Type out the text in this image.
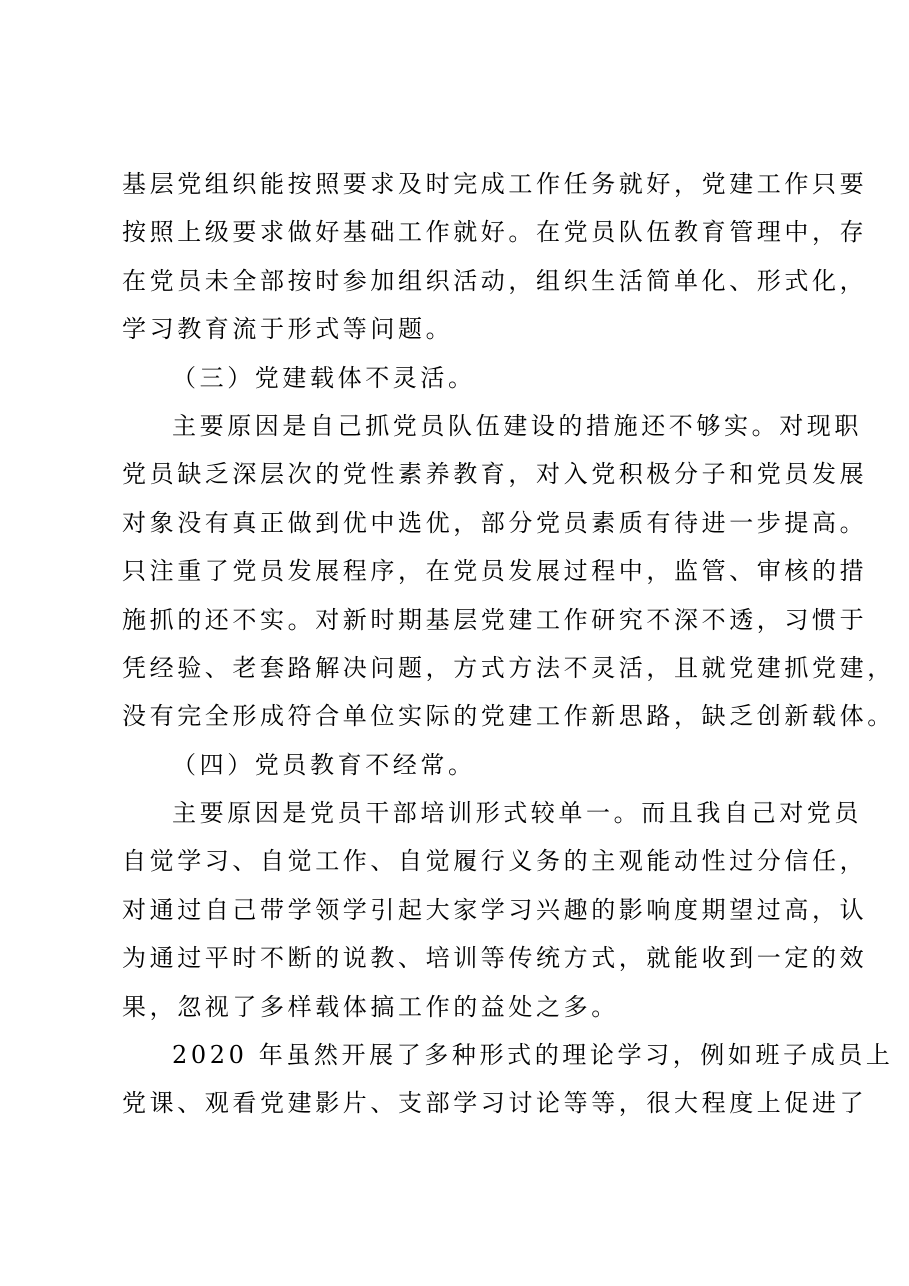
基层党组织能按照要求及时完成工作任务就好，党建工作只要
按照上级要求做好基础工作就好。在党员队伍教育管理中，存
在党员未全部按时参加组织活动，组织生活简单化、形式化，
学习教育流于形式等问题。
（三）党建载体不灵活。
主要原因是自己抓党员队伍建设的措施还不够实。对现职
党员缺乏深层次的党性素养教育，对入党积极分子和党员发展
对象没有真正做到优中选优，部分党员素质有待进一步提高。
只注重了党员发展程序，在党员发展过程中，监管、审核的措
施抓的还不实。对新时期基层党建工作研究不深不透，习惯于
凭经验、老套路解决问题，方式方法不灵活，且就党建抓党建，
没有完全形成符合单位实际的党建工作新思路，缺乏创新载体。
（四）党员教育不经常。
主要原因是党员干部培训形式较单一。而且我自己对党员
自觉学习、自觉工作、自觉履行义务的主观能动性过分信任，
对通过自己带学领学引起大家学习兴趣的影响度期望过高，认
为通过平时不断的说教、培训等传统方式，就能收到一定的效
果，忽视了多样载体搞工作的益处之多。
2020 年虽然开展了多种形式的理论学习，例如班子成员上
党课、观看党建影片、支部学习讨论等等，很大程度上促进了
